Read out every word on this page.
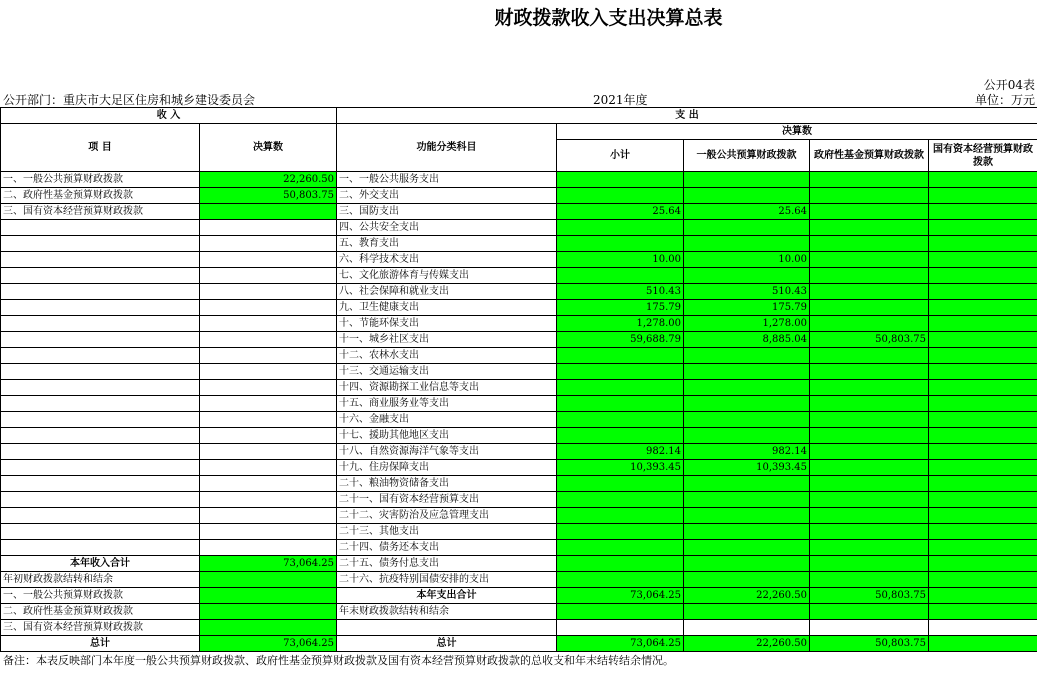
财政拨款收入支出决算总表
公开04表
公开部门：重庆市大足区住房和城乡建设委员会	2021年度	单位：万元
收 入		支 出				
项 目	决算数	功能分类科目	决算数			
			小计	一般公共预算财政拨款	政府性基金预算财政拨款	国有资本经营预算财政拨款

一、一般公共预算财政拨款	22,260.50	一、一般公共服务支出				
二、政府性基金预算财政拨款	50,803.75	二、外交支出				
三、国有资本经营预算财政拨款		三、国防支出	25.64	25.64		
		四、公共安全支出				
		五、教育支出				
		六、科学技术支出	10.00	10.00		
		七、文化旅游体育与传媒支出				
		八、社会保障和就业支出	510.43	510.43		
		九、卫生健康支出	175.79	175.79		
		十、节能环保支出	1,278.00	1,278.00		
		十一、城乡社区支出	59,688.79	8,885.04	50,803.75	
		十二、农林水支出				
		十三、交通运输支出				
		十四、资源勘探工业信息等支出				
		十五、商业服务业等支出				
		十六、金融支出				
		十七、援助其他地区支出				
		十八、自然资源海洋气象等支出	982.14	982.14		
		十九、住房保障支出	10,393.45	10,393.45		
		二十、粮油物资储备支出				
		二十一、国有资本经营预算支出				
		二十二、灾害防治及应急管理支出				
		二十三、其他支出				
		二十四、债务还本支出				
本年收入合计	73,064.25	二十五、债务付息支出				
年初财政拨款结转和结余		二十六、抗疫特别国债安排的支出				
一、一般公共预算财政拨款		本年支出合计	73,064.25	22,260.50	50,803.75	
二、政府性基金预算财政拨款		年末财政拨款结转和结余				
三、国有资本经营预算财政拨款						
总计	73,064.25	总计	73,064.25	22,260.50	50,803.75	
备注：本表反映部门本年度一般公共预算财政拨款、政府性基金预算财政拨款及国有资本经营预算财政拨款的总收支和年末结转结余情况。
